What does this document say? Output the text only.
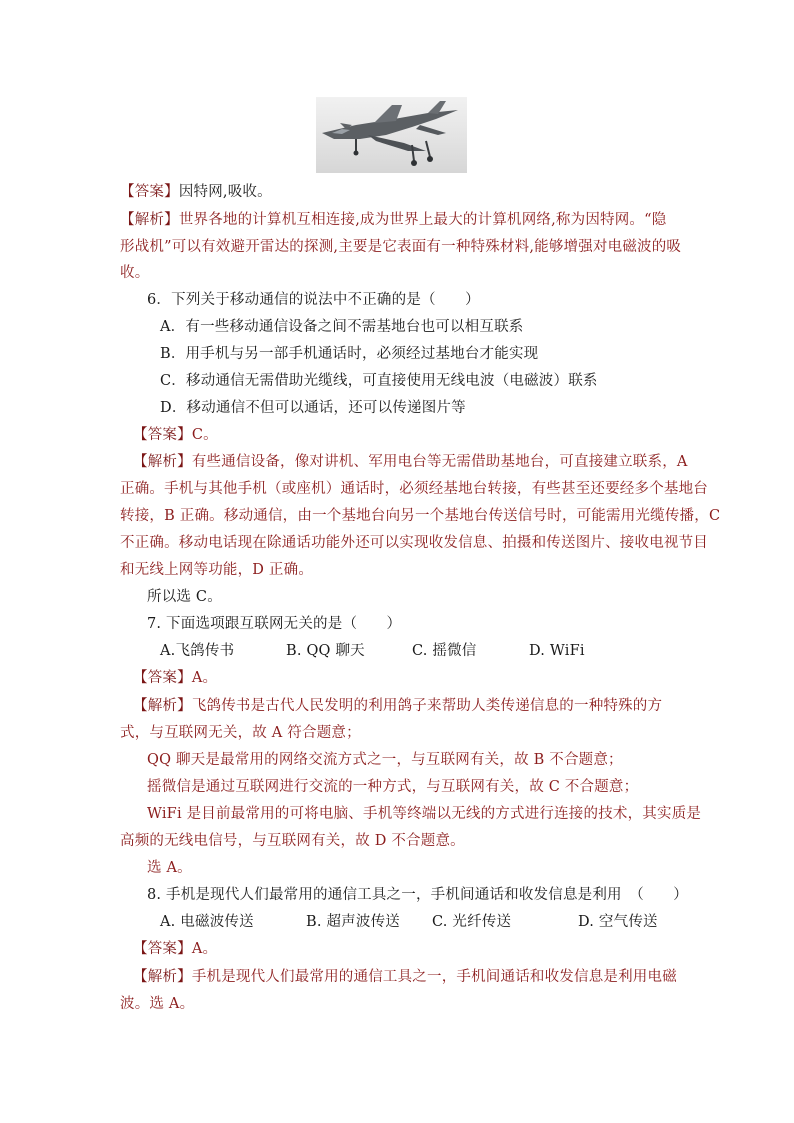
【答案】因特网,吸收。
【解析】世界各地的计算机互相连接,成为世界上最大的计算机网络,称为因特网。“隐
形战机”可以有效避开雷达的探测,主要是它表面有一种特殊材料,能够增强对电磁波的吸
收。
6．下列关于移动通信的说法中不正确的是（　　）
A．有一些移动通信设备之间不需基地台也可以相互联系
B．用手机与另一部手机通话时，必须经过基地台才能实现
C．移动通信无需借助光缆线，可直接使用无线电波（电磁波）联系
D．移动通信不但可以通话，还可以传递图片等
【答案】C。
【解析】有些通信设备，像对讲机、军用电台等无需借助基地台，可直接建立联系，A
正确。手机与其他手机（或座机）通话时，必须经基地台转接，有些甚至还要经多个基地台
转接，B 正确。移动通信，由一个基地台向另一个基地台传送信号时，可能需用光缆传播，C
不正确。移动电话现在除通话功能外还可以实现收发信息、拍摄和传送图片、接收电视节目
和无线上网等功能，D 正确。
所以选 C。
7. 下面选项跟互联网无关的是（　　）
A.飞鸽传书	B. QQ 聊天	C. 摇微信	D. WiFi
【答案】A。
【解析】飞鸽传书是古代人民发明的利用鸽子来帮助人类传递信息的一种特殊的方
式，与互联网无关，故 A 符合题意；
QQ 聊天是最常用的网络交流方式之一，与互联网有关，故 B 不合题意；
摇微信是通过互联网进行交流的一种方式，与互联网有关，故 C 不合题意；
WiFi 是目前最常用的可将电脑、手机等终端以无线的方式进行连接的技术，其实质是
高频的无线电信号，与互联网有关，故 D 不合题意。
选 A。
8. 手机是现代人们最常用的通信工具之一，手机间通话和收发信息是利用　（　　）
A. 电磁波传送	B. 超声波传送 C. 光纤传送	D. 空气传送
【答案】A。
【解析】手机是现代人们最常用的通信工具之一，手机间通话和收发信息是利用电磁
波。选 A。
